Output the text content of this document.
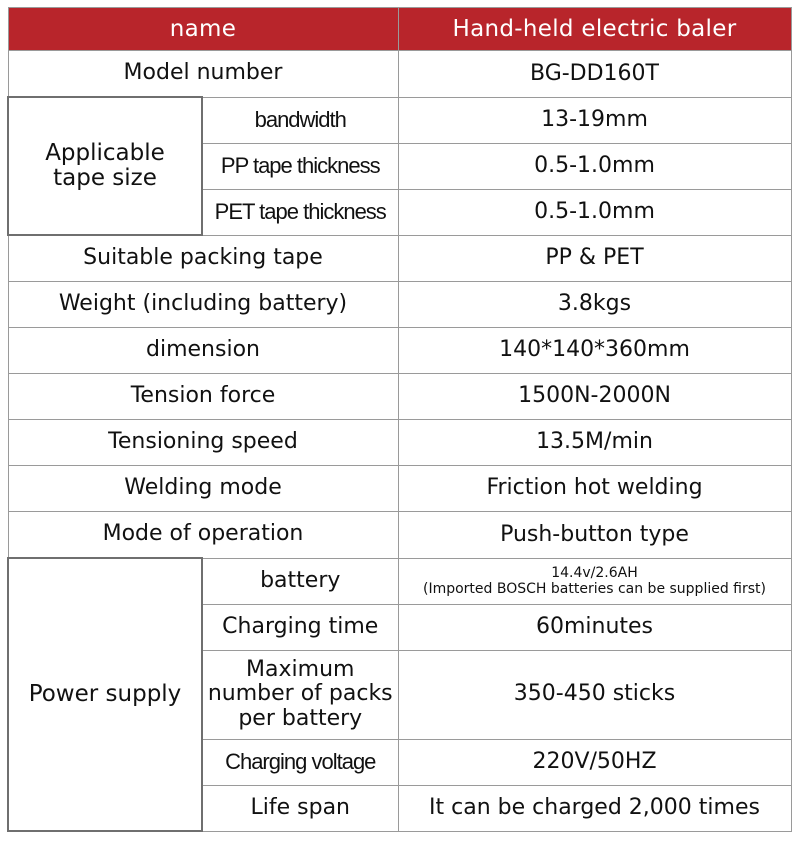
name		Hand-held electric baler
Model number		BG-DD160T
Applicable
tape size	bandwidth	13-19mm
	PP tape thickness	0.5-1.0mm
	PET tape thickness	0.5-1.0mm
Suitable packing tape		PP & PET
Weight (including battery)		3.8kgs
dimension		140*140*360mm
Tension force		1500N-2000N
Tensioning speed		13.5M/min
Welding mode		Friction hot welding
Mode of operation		Push-button type
Power supply	battery	14.4v/2.6AH
(Imported BOSCH batteries can be supplied first)
	Charging time	60minutes
	Maximum
number of packs
per battery	350-450 sticks
	Charging voltage	220V/50HZ
	Life span	It can be charged 2,000 times
